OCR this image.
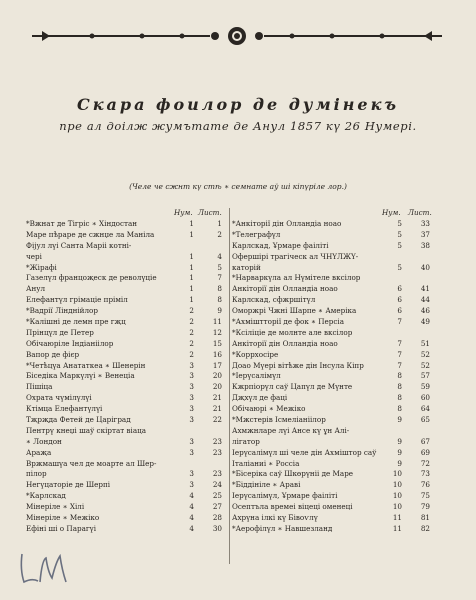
Скара фоилор де думінекъ
пре ал доілж жумътате де Анул 1857 кү 26 Нумері.
(Челе че сжнт кү стѣ ∗ семнате аў ші кіпүріле лор.)
Нум. Лист.
*Вжнат де Тігріс ∗ Хіндостан	1	1
Маре пѣраре де сжнџе ла Маніла	1	2
Фіјул лүі Санта Маріі котні-
чері	1	4
*Жірафі	1	5
Газелүл францоҗеск де револүціе	1	7
Анул	1	8
Елефантүл грімаціе пріміл	1	8
*Вадрії Лінднійлор	2	9
*Калішні де лемн пре гҗц	2	11
Прінцүл де Петер	2	12
Обічаюріле Індіаніілор	2	15
Вапор де фієр	2	16
*Четѣцүа Анататкеа ∗ Шенерін	3	17
Біседіка Маркүлүі ∗ Венеціа	3	20
Пішіца	3	20
Охрата чүмілүлүі	3	21
Ктімца Елефантүлүі	3	21
Тҗрҗда Фетей де Царіград	3	22
Пентрү кнеџі шаў скіртат віаца
∗ Лондон	3	23
Араҗа	3	23
Вржмашүа чел де моарте ал Шер-
пілор	3	23
Негүцаторіе де Шерпі	3	24
*Карлскад	4	25
Мінеріле ∗ Хілі	4	27
Мінеріле ∗ Межіко	4	28
Ефіні ші о Парагүі	4	30
Нум. Лист.
*Анкіторії дін Олландіа ноао	5	33
*Телеграфүл	5	37
Карлскад, Ұрмаре фаіліті	5	38
Офершірі трагіческ ал ЧНҮЛЖҮ-
каторій	5	40
*Нарваркүла ал Нүмітеле вксілор
Анкіторії дін Олландіа ноао	6	41
Карлскад, сфжршітүл	6	44
Оморжрі Чжні Шарпе ∗ Амеріка	6	46
*Ахміштторії де фок ∗ Персіа	7	49
*Ксіліціе де молнте але вксілор
Анкіторії дін Олландіа ноао	7	51
*Коррхосіре	7	52
Доао Мүері вітѣже дін Інсула Кіпр	7	52
*Іерүсалімүл	8	57
Кжрпіорүл саў Цапүл де Мүнте	8	59
Дҗхүл де фаці	8	60
Обічаюрі ∗ Межіко	8	64
*Мжстерів Ісмеліаніілор	9	65
Ахмжнларе лүі Ансе кү ұн Алі-
лігатор	9	67
Іерүсалімүл ші челе дін Ахміштор саў	9	69
Італіаниі ∗ Россіа	9	72
*Бісеріка саў Шкөрүніі де Маре	10	73
*Біддініле ∗ Араві	10	76
Іерүсалімүл, Ұрмаре фаіліті	10	75
Осептъла времеі віцеці оменеці	10	79
Ахрүна ілкі кү Бівоѵлү	11	81
*Аерофілүл ∗ Навшезланд	11	82
